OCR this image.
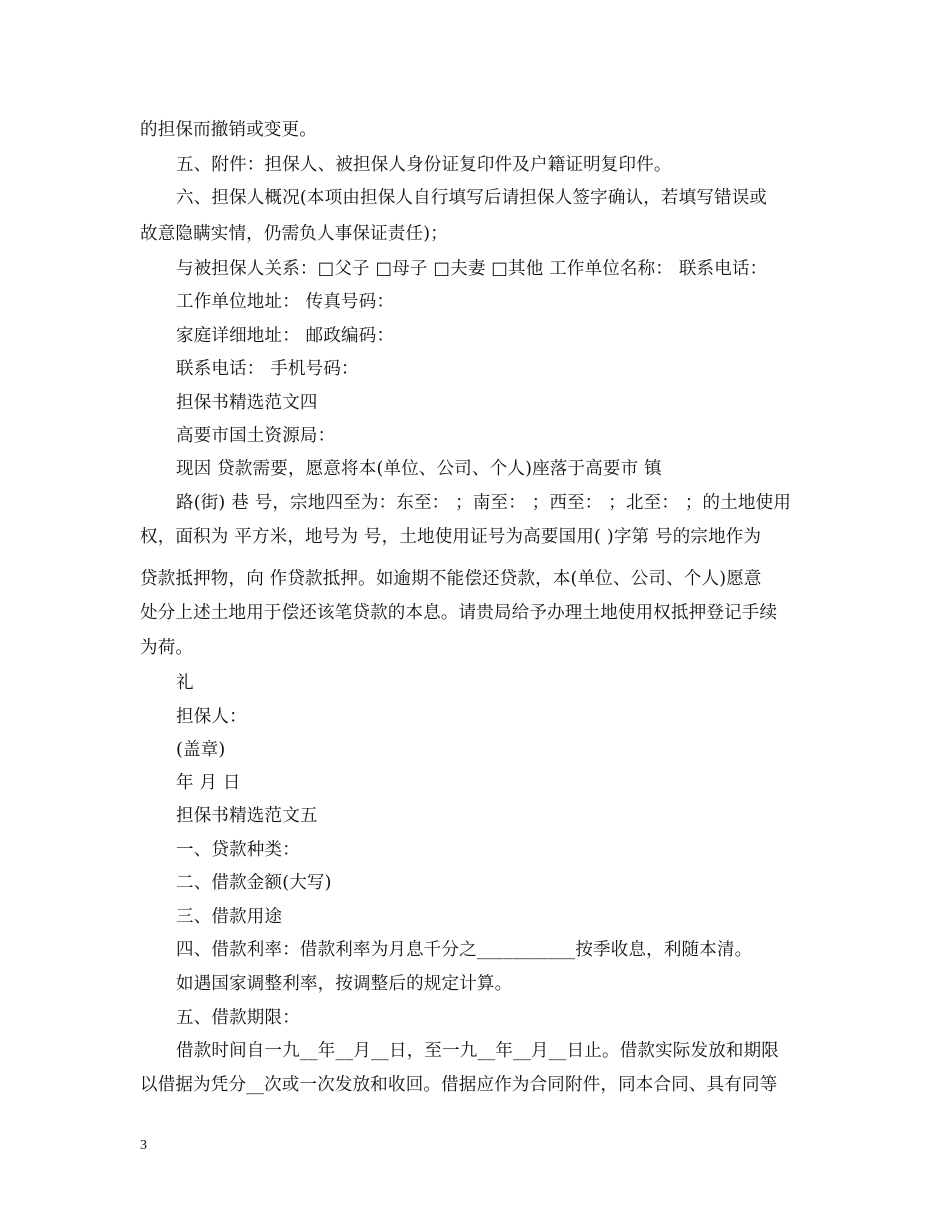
的担保而撤销或变更。
五、附件：担保人、被担保人身份证复印件及户籍证明复印件。
六、担保人概况(本项由担保人自行填写后请担保人签字确认，若填写错误或
故意隐瞒实情，仍需负人事保证责任)；
与被担保人关系：□父子 □母子 □夫妻 □其他 工作单位名称： 联系电话：
工作单位地址： 传真号码：
家庭详细地址： 邮政编码：
联系电话： 手机号码：
担保书精选范文四
高要市国土资源局：
现因 贷款需要，愿意将本(单位、公司、个人)座落于高要市 镇
路(街) 巷 号，宗地四至为：东至： ；南至： ；西至： ；北至： ；的土地使用
权，面积为 平方米，地号为 号，土地使用证号为高要国用( )字第 号的宗地作为
贷款抵押物，向 作贷款抵押。如逾期不能偿还贷款，本(单位、公司、个人)愿意
处分上述土地用于偿还该笔贷款的本息。请贵局给予办理土地使用权抵押登记手续
为荷。
礼
担保人：
(盖章)
年 月 日
担保书精选范文五
一、贷款种类：
二、借款金额(大写)
三、借款用途
四、借款利率：借款利率为月息千分之___________按季收息，利随本清。
如遇国家调整利率，按调整后的规定计算。
五、借款期限：
借款时间自一九__年__月__日，至一九__年__月__日止。借款实际发放和期限
以借据为凭分__次或一次发放和收回。借据应作为合同附件，同本合同、具有同等
3
